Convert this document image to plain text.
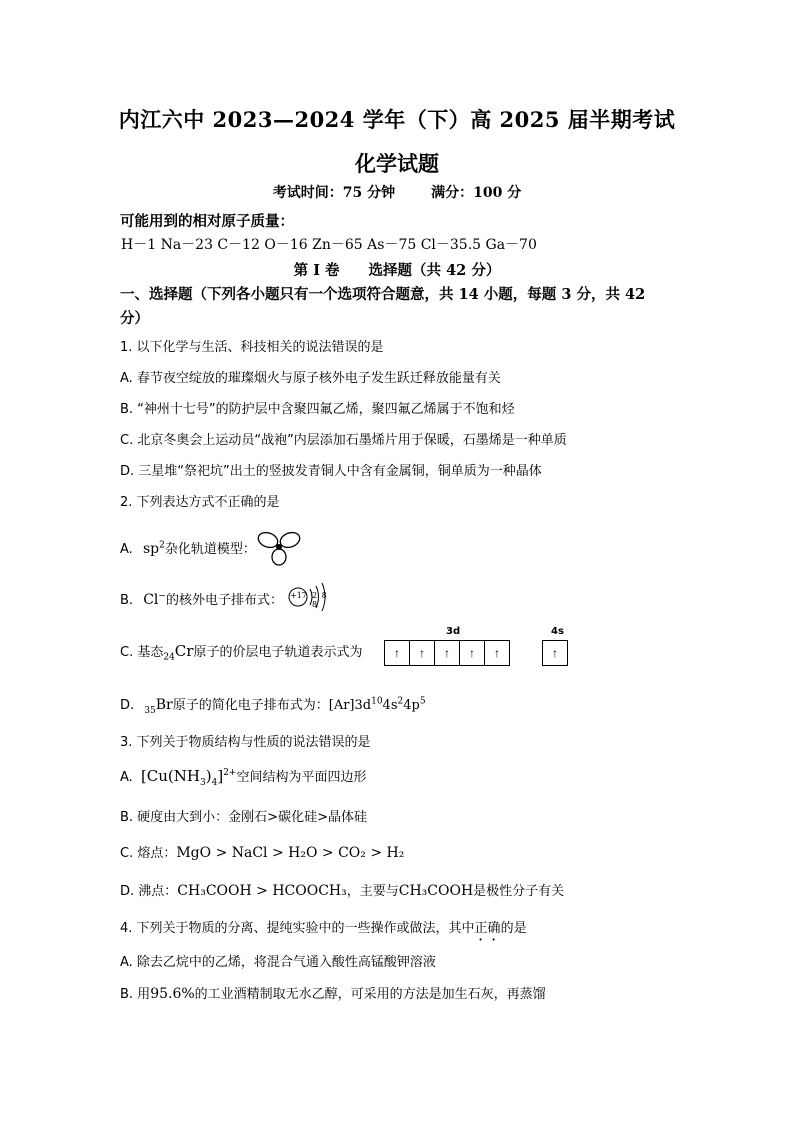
内江六中 2023—2024 学年（下）高 2025 届半期考试
化学试题
考试时间：75 分钟	满分：100 分
可能用到的相对原子质量：
H－1 Na－23 C－12 O－16 Zn－65 As－75 Cl－35.5 Ga－70
第 I 卷　　选择题（共 42 分）
一、选择题（下列各小题只有一个选项符合题意，共 14 小题，每题 3 分，共 42
分）
1. 以下化学与生活、科技相关的说法错误的是
A. 春节夜空绽放的璀璨烟火与原子核外电子发生跃迁释放能量有关
B. “神州十七号”的防护层中含聚四氟乙烯，聚四氟乙烯属于不饱和烃
C. 北京冬奥会上运动员“战袍”内层添加石墨烯片用于保暖，石墨烯是一种单质
D. 三星堆“祭祀坑”出土的竖披发青铜人中含有金属铜，铜单质为一种晶体
2. 下列表达方式不正确的是
A. $sp^2$杂化轨道模型：
B. Cl−的核外电子排布式： +17 2 8 8
C. 基态$_{24}$Cr原子的价层电子轨道表示式为
3d	4s
↑ ↑ ↑ ↑ ↑	↑
D. $_{35}$Br原子的简化电子排布式为：$[Ar]3d^{10}4s^24p^5$
3. 下列关于物质结构与性质的说法错误的是
A. $[Cu(NH_3)_4]^{2+}$空间结构为平面四边形
B. 硬度由大到小：金刚石>碳化硅>晶体硅
C. 熔点：MgO > NaCl > H₂O > CO₂ > H₂
D. 沸点：CH₃COOH > HCOOCH₃，主要与CH₃COOH是极性分子有关
4. 下列关于物质的分离、提纯实验中的一些操作或做法，其中正确的是
A. 除去乙烷中的乙烯，将混合气通入酸性高锰酸钾溶液
B. 用95.6%的工业酒精制取无水乙醇，可采用的方法是加生石灰，再蒸馏
